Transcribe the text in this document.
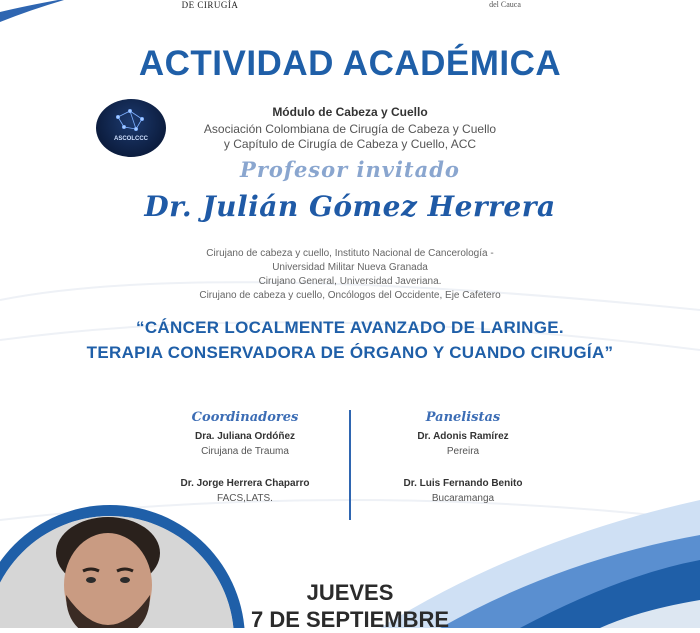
DE CIRUGÍA	del Cauca
ACTIVIDAD ACADÉMICA
ASCOLCCC
Módulo de Cabeza y Cuello
Asociación Colombiana de Cirugía de Cabeza y Cuello
y Capítulo de Cirugía de Cabeza y Cuello, ACC
Profesor invitado
Dr. Julián Gómez Herrera
Cirujano de cabeza y cuello, Instituto Nacional de Cancerología -
Universidad Militar Nueva Granada
Cirujano General, Universidad Javeriana.
Cirujano de cabeza y cuello, Oncólogos del Occidente, Eje Cafetero
“CÁNCER LOCALMENTE AVANZADO DE LARINGE.
TERAPIA CONSERVADORA DE ÓRGANO Y CUANDO CIRUGÍA”
Coordinadores
Dra. Juliana Ordóñez
Cirujana de Trauma
Dr. Jorge Herrera Chaparro
FACS,LATS.
Panelistas
Dr. Adonis Ramírez
Pereira
Dr. Luis Fernando Benito
Bucaramanga
JUEVES
7 DE SEPTIEMBRE
